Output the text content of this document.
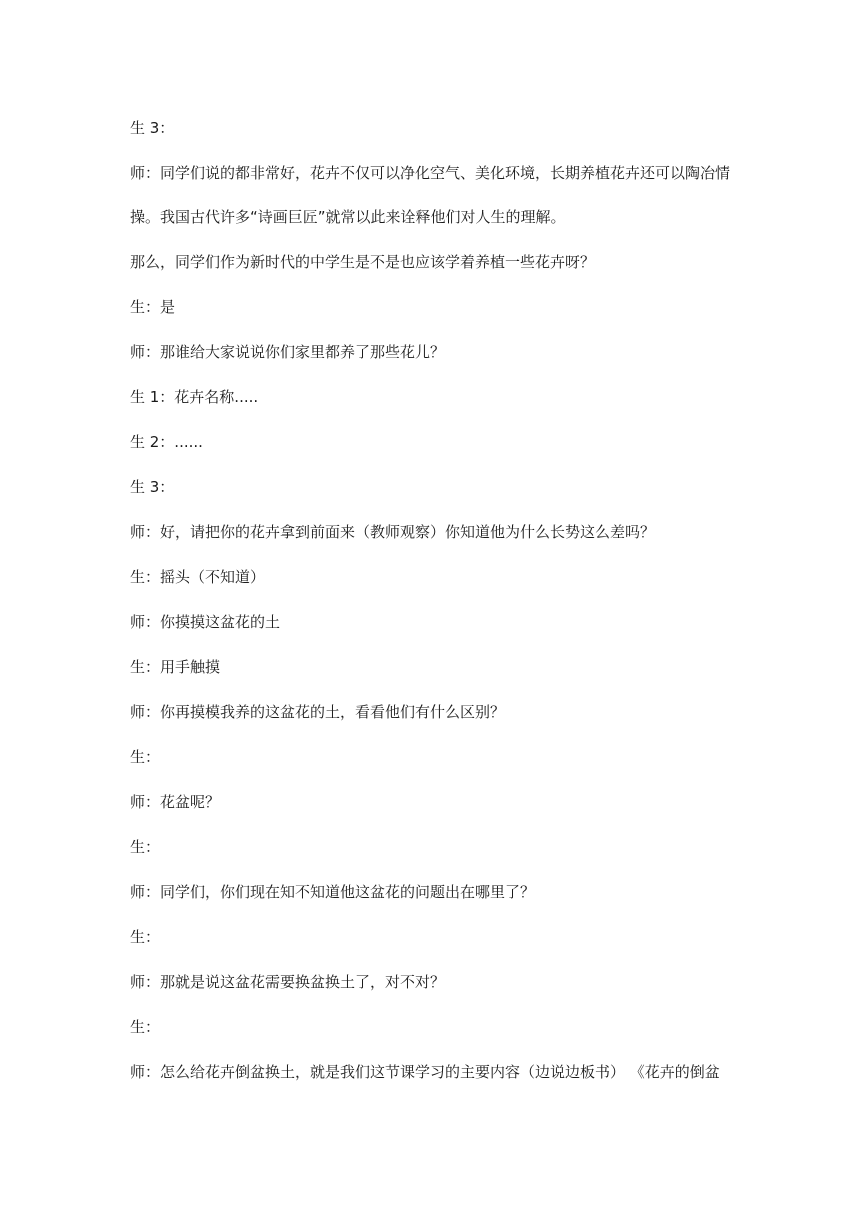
生 3：
师：同学们说的都非常好，花卉不仅可以净化空气、美化环境，长期养植花卉还可以陶冶情
操。我国古代许多“诗画巨匠”就常以此来诠释他们对人生的理解。
那么，同学们作为新时代的中学生是不是也应该学着养植一些花卉呀？
生：是
师：那谁给大家说说你们家里都养了那些花儿？
生 1：花卉名称.....
生 2：......
生 3：
师：好，请把你的花卉拿到前面来（教师观察）你知道他为什么长势这么差吗？
生：摇头（不知道）
师：你摸摸这盆花的土
生：用手触摸
师：你再摸模我养的这盆花的土，看看他们有什么区别？
生：
师：花盆呢？
生：
师：同学们，你们现在知不知道他这盆花的问题出在哪里了？
生：
师：那就是说这盆花需要换盆换土了，对不对？
生：
师：怎么给花卉倒盆换土，就是我们这节课学习的主要内容（边说边板书） 《花卉的倒盆
